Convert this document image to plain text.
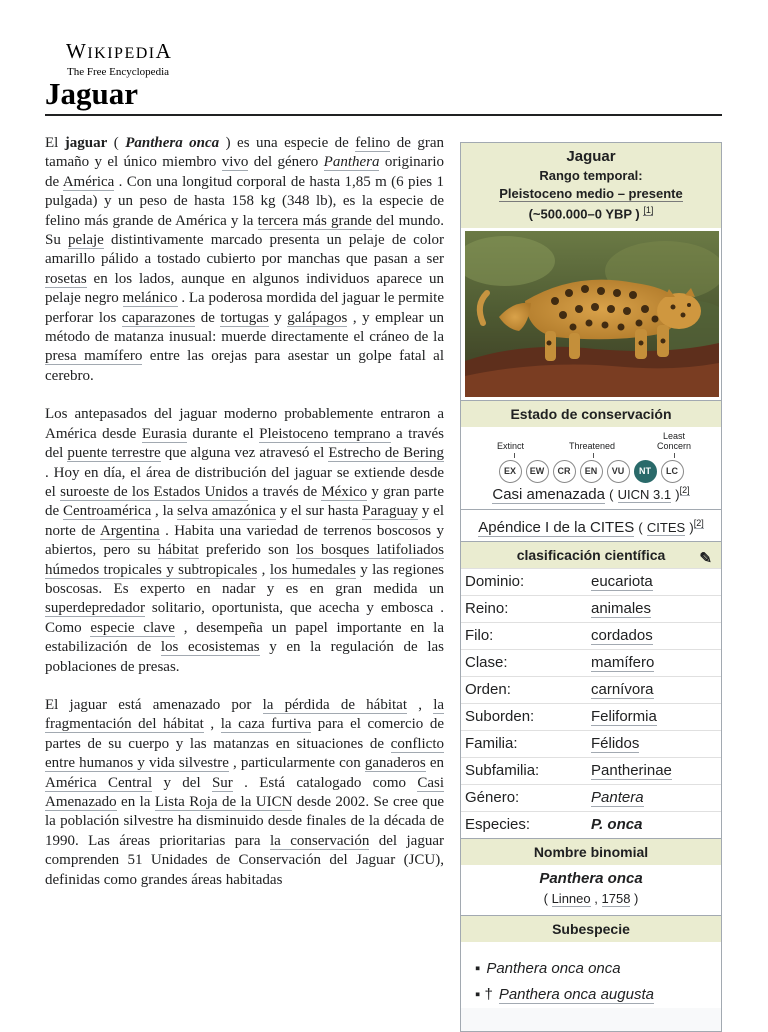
WIKIPEDIA
The Free Encyclopedia
Jaguar

El jaguar ( Panthera onca ) es una especie de felino de gran tamaño y el único miembro vivo del género Panthera originario de América . Con una longitud corporal de hasta 1,85 m (6 pies 1 pulgada) y un peso de hasta 158 kg (348 lb), es la especie de felino más grande de América y la tercera más grande del mundo. Su pelaje distintivamente marcado presenta un pelaje de color amarillo pálido a tostado cubierto por manchas que pasan a ser rosetas en los lados, aunque en algunos individuos aparece un pelaje negro melánico . La poderosa mordida del jaguar le permite perforar los caparazones de tortugas y galápagos , y emplear un método de matanza inusual: muerde directamente el cráneo de la presa mamífero entre las orejas para asestar un golpe fatal al cerebro.

Los antepasados del jaguar moderno probablemente entraron a América desde Eurasia durante el Pleistoceno temprano a través del puente terrestre que alguna vez atravesó el Estrecho de Bering . Hoy en día, el área de distribución del jaguar se extiende desde el suroeste de los Estados Unidos a través de México y gran parte de Centroamérica , la selva amazónica y el sur hasta Paraguay y el norte de Argentina . Habita una variedad de terrenos boscosos y abiertos, pero su hábitat preferido son los bosques latifoliados húmedos tropicales y subtropicales , los humedales y las regiones boscosas. Es experto en nadar y es en gran medida un superdepredador solitario, oportunista, que acecha y embosca . Como especie clave , desempeña un papel importante en la estabilización de los ecosistemas y en la regulación de las poblaciones de presas.

El jaguar está amenazado por la pérdida de hábitat , la fragmentación del hábitat , la caza furtiva para el comercio de partes de su cuerpo y las matanzas en situaciones de conflicto entre humanos y vida silvestre , particularmente con ganaderos en América Central y del Sur . Está catalogado como Casi Amenazado en la Lista Roja de la UICN desde 2002. Se cree que la población silvestre ha disminuido desde finales de la década de 1990. Las áreas prioritarias para la conservación del jaguar comprenden 51 Unidades de Conservación del Jaguar (JCU), definidas como grandes áreas habitadas

Jaguar
Rango temporal:
Pleistoceno medio – presente
(~500.000–0 YBP ) [1]
Estado de conservación
Extinct	Threatened
Least
Concern
EX	EW	CR	EN	VU	NT	LC
Casi amenazada ( UICN 3.1 )[2]
Apéndice I de la CITES ( CITES )[2]
clasificación científica ✎
Dominio:	eucariota
Reino:	animales
Filo:	cordados
Clase:	mamífero
Orden:	carnívora
Suborden:	Feliformia
Familia:	Félidos
Subfamilia:	Pantherinae
Género:	Pantera
Especies:	P. onca
Nombre binomial
Panthera onca
( Linneo , 1758 )
Subespecie
▪ Panthera onca onca
▪ † Panthera onca augusta
